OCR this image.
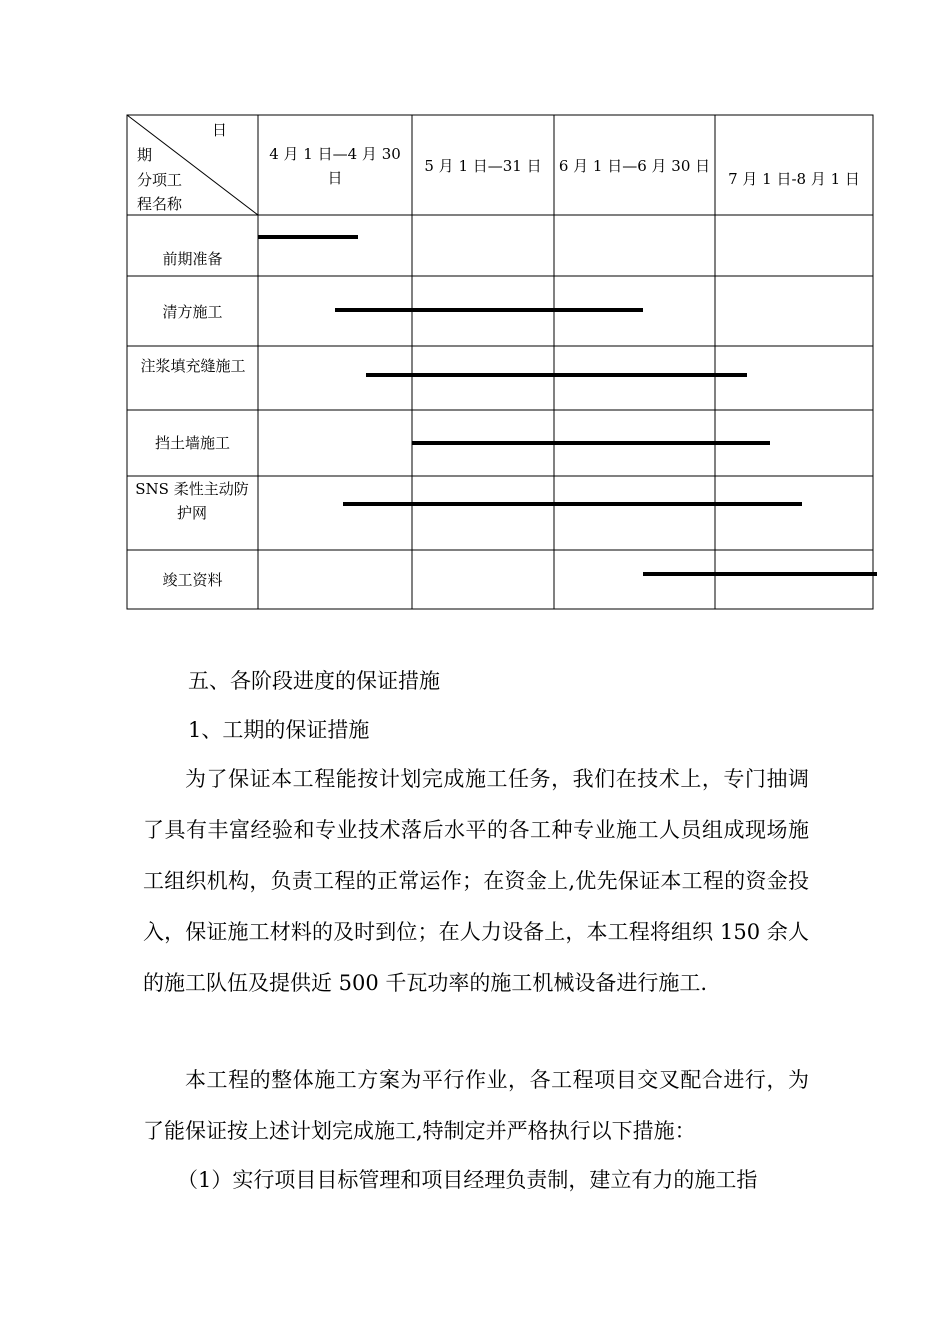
日
期
分项工
程名称
4 月 1 日—4 月 30 日
5 月 1 日—31 日	6 月 1 日—6 月 30 日
7 月 1 日-8 月 1 日
前期准备
清方施工
注浆填充缝施工
挡土墙施工
SNS 柔性主动防护网
竣工资料
五、各阶段进度的保证措施
1、工期的保证措施
为了保证本工程能按计划完成施工任务，我们在技术上，专门抽调了具有丰富经验和专业技术落后水平的各工种专业施工人员组成现场施工组织机构，负责工程的正常运作；在资金上,优先保证本工程的资金投入，保证施工材料的及时到位；在人力设备上，本工程将组织 150 余人的施工队伍及提供近 500 千瓦功率的施工机械设备进行施工.
本工程的整体施工方案为平行作业，各工程项目交叉配合进行，为了能保证按上述计划完成施工,特制定并严格执行以下措施：
（1）实行项目目标管理和项目经理负责制，建立有力的施工指
